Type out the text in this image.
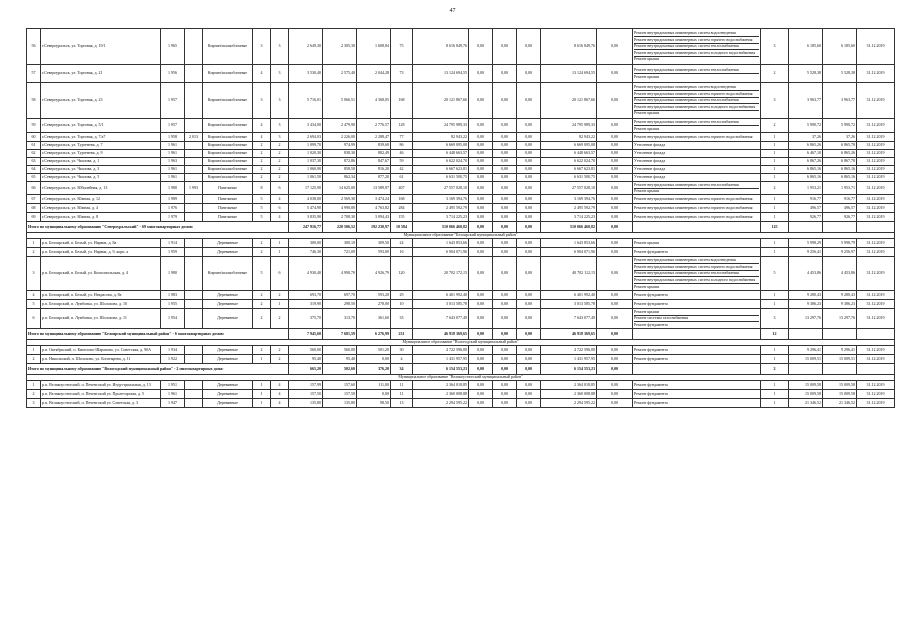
47
56	г.Североуральск, ул. Торговая, д. 19/1	1 965		Кирпич/шлакоблочные	3	3	2 649,30	2 305,30	1 608,84	75	8 616 849,76	0,00	0,00	0,00	8 616 849,76	0,00	Ремонт внутридомовых инженерных систем водоотведения
Ремонт внутридомовых инженерных систем горячего водоснабжения
Ремонт внутридомовых инженерных систем теплоснабжения
Ремонт внутридомовых инженерных систем холодного водоснабжения
Ремонт крыши	3	6 185,60	6 185,60	31.12.2019
57	г.Североуральск, ул. Торговая, д. 21	1 956		Кирпич/шлакоблочные	4	3	3 530,40	2 575,40	2 044,28	73	13 124 694,55	0,00	0,00	0,00	13 124 694,55	0,00	Ремонт внутридомовых инженерных систем теплоснабжения
Ремонт крыши	2	5 528,38	5 528,38	31.12.2019
58	г.Североуральск, ул. Торговая, д. 23	1 957		Кирпич/шлакоблочные	3	3	5 716,01	5 066,51	4 368,05	168	20 121 867,66	0,00	0,00	0,00	20 121 867,66	0,00	Ремонт внутридомовых инженерных систем водоотведения
Ремонт внутридомовых инженерных систем горячего водоснабжения
Ремонт внутридомовых инженерных систем теплоснабжения
Ремонт внутридомовых инженерных систем холодного водоснабжения
Ремонт крыши	3	3 963,77	3 963,77	31.12.2019
59	г.Североуральск, ул. Торговая, д. 5/1	1 957		Кирпич/шлакоблочные	4	3	3 434,00	2 479,90	2 776,57	128	24 795 989,33	0,00	0,00	0,00	24 795 989,33	0,00	Ремонт внутридомовых инженерных систем теплоснабжения
Ремонт крыши	2	5 990,72	5 990,72	31.12.2019
60	г.Североуральск, ул. Торговая, д. 7/а7	1 958	2 013	Кирпич/шлакоблочные	4	3	2 694,03	2 226,00	2 288,47	77	82 943,22	0,00	0,00	0,00	82 943,22	0,00	Ремонт внутридомовых инженерных систем горячего водоснабжения	1	37,26	37,26	31.12.2019
61	г.Североуральск, ул. Тургенева, д. 7	1 961		Кирпич/шлакоблочные	2	2	1 099,70	974,99	839,68	86	6 669 095,08	0,00	0,00	0,00	6 669 095,08	0,00	Утепление фасада	1	6 865,26	6 865,78	31.12.2019
62	г.Североуральск, ул. Тургенева, д. 9	1 961		Кирпич/шлакоблочные	2	2	1 020,30	838,30	882,49	46	6 448 663,57	0,00	0,00	0,00	6 448 663,57	0,00	Утепление фасада	1	6 467,10	6 865,26	31.12.2019
63	г.Североуральск, ул. Чкалова, д. 1	1 963		Кирпич/шлакоблочные	2	2	1 037,30	872,86	847,67	59	6 622 024,70	0,00	0,00	0,00	6 622 024,70	0,00	Утепление фасада	1	6 867,26	6 867,78	31.12.2019
64	г.Североуральск, ул. Чкалова, д. 3	1 961		Кирпич/шлакоблочные	2	2	1 060,90	858,50	816,20	42	6 667 623,81	0,00	0,00	0,00	6 667 623,81	0,00	Утепление фасада	1	6 865,16	6 865,16	31.12.2019
65	г.Североуральск, ул. Чкалова, д. 5	1 961		Кирпич/шлакоблочные	2	2	1 061,50	862,34	877,20	61	6 631 500,75	0,00	0,00	0,00	6 631 500,75	0,00	Утепление фасада	1	6 865,16	6 865,16	31.12.2019
66	г.Североуральск, ул. Юбилейная, д. 13	1 980	1 993	Панельные	8	6	17 125,90	14 625,00	13 589,97	407	27 557 028,10	0,00	0,00	0,00	27 557 028,10	0,00	Ремонт внутридомовых инженерных систем теплоснабжения
Ремонт крыши	2	1 953,21	1 953,71	31.12.2019
67	г.Североуральск, ул. Южная, д. 12	1 989		Панельные	5	4	4 038,00	2 569,30	3 474,24	168	3 169 394,76	0,00	0,00	0,00	3 169 394,76	0,00	Ремонт внутридомовых инженерных систем горячего водоснабжения	1	916,77	916,77	31.12.2019
68	г.Североуральск, ул. Южная, д. 4	1 976		Панельные	5	6	5 474,90	4 990,00	4 763,82	284	2 495 592,79	0,00	0,00	0,00	2 495 592,79	0,00	Ремонт внутридомовых инженерных систем горячего водоснабжения	1	496,57	496,57	31.12.2019
69	г.Североуральск, ул. Южная, д. 8	1 979		Панельные	5	4	3 835,90	2 708,30	3 094,43	155	3 714 225,23	0,00	0,00	0,00	3 714 225,23	0,00	Ремонт внутридомовых инженерных систем горячего водоснабжения	1	926,77	926,77	31.12.2019
Итого по муниципальному образованию "Североуральский" - 69 многоквартирных домов:							247 916,77	220 506,52	192 230,97	10 584	510 066 460,82	0,00	0,00	0,00	510 066 460,82	0,00		125			
Муниципальное образование "Белоярский муниципальный район"																					
1	р.п. Белоярский, п. Белый, ул. Нарвик, д. 8а	1 914		Деревянные	2	1	300,00	300,10	309,50	24	1 643 853,66	0,00	0,00	0,00	1 643 853,66	0,00	Ремонт крыши	1	5 998,29	5 998,79	31.12.2019
2	р.п. Белоярский, п. Белый, ул. Нарвик, д. 9, корп. а	1 959		Деревянные	2	1	746,30	721,09	593,00	16	6 904 071,96	0,00	0,00	0,00	6 904 071,96	0,00	Ремонт фундамента	1	9 256,41	9 256,97	31.12.2019
3	р.п. Белоярский, п. Белый, ул. Комсомольская, д. 4	1 980		Кирпич/шлакоблочные	5	6	4 930,40	4 990,70	4 926,79	120	20 702 172,15	0,00	0,00	0,00	40 702 112,15	0,00	Ремонт внутридомовых инженерных систем водоотведения
Ремонт внутридомовых инженерных систем горячего водоснабжения
Ремонт внутридомовых инженерных систем теплоснабжения
Ремонт внутридомовых инженерных систем холодного водоснабжения
Ремонт крыши	5	4 453,86	4 453,86	31.12.2019
4	р.п. Белоярский, п. Белый, ул. Некрасова, д. 8а	1 983		Деревянные	2	2	693,70	697,70	593,20	29	6 401 992,40	0,00	0,00	0,00	6 401 992,40	0,00	Ремонт фундамента	1	9 280,43	9 280,43	31.12.2019
5	р.п. Белоярский, п. Лумбовка, ул. Шолохова, д. 10	1 955		Деревянные	2	1	319,90	298,50	278,00	10	3 013 585,78	0,00	0,00	0,00	3 013 585,78	0,00	Ремонт фундамента	1	9 386,23	9 386,23	31.12.2019
6	р.п. Белоярский, п. Лумбовка, ул. Шолохова, д. 11	1 954		Деревянные	2	2	375,70	313,70	361,60	33	7 643 077,49	0,00	0,00	0,00	7 643 077,49	0,00	Ремонт крыши
Ремонт системы газоснабжения
Ремонт фундамента	3	13 297,76	13 297,76	31.12.2019
Итого по муниципальному образованию "Белоярский муниципальный район" - 6 многоквартирных домов:							7 945,60	7 681,59	6 276,99	231	46 918 369,65	0,00	0,00	0,00	46 918 369,65	0,00		12			
Муниципальное образование "Вологодский муниципальный район"																					
1	р.п. Октябрьский, п. Кипелово-Шарапово, ул. Советская, д. 90А	1 934		Деревянные	2	2	560,00	560,00	501,20	30	4 722 596,00	0,00	0,00	0,00	4 722 596,00	0,00	Ремонт фундамента	1	9 296,41	9 296,41	31.12.2019
2	р.п. Никольский, п. Шолохово, ул. Богатырева, д. 11	1 922		Деревянные	1	2	95,40	95,40	0,00	4	1 431 957,95	0,00	0,00	0,00	1 431 957,95	0,00	Ремонт фундамента	1	15 009,51	15 009,51	31.12.2019
Итого по муниципальному образованию "Вологодский муниципальный район" - 2 многоквартирных дома:							665,20	502,60	376,20	34	6 154 553,23	0,00	0,00	0,00	6 154 553,23	0,00		2			
Муниципальное образование "Великоустюгский муниципальный район"																					
1	р.п. Великоустюгский, п. Печенгский ул. Индустриальная, д. 13	1 951		Деревянные	1	4	157,99	157,60	111,00	11	2 364 018,85	0,00	0,00	0,00	2 364 018,85	0,00	Ремонт фундамента	1	15 009,58	15 009,58	31.12.2019
2	р.п. Великоустюгский, п. Печенгский ул. Пролетарская, д. 5	1 961		Деревянные	1	4	157,50	157,50	0,00	11	2 360 008,88	0,00	0,00	0,00	2 360 008,88	0,00	Ремонт фундамента	1	15 009,58	15 009,58	31.12.2019
3	р.п. Великоустюгский, п. Печенгский ул. Советская, д. 3	1 947		Деревянные	1	4	135,80	135,80	98,50	13	2 294 595,22	0,00	0,00	0,00	2 294 595,22	0,00	Ремонт фундамента	1	21 346,52	21 346,52	31.12.2019
